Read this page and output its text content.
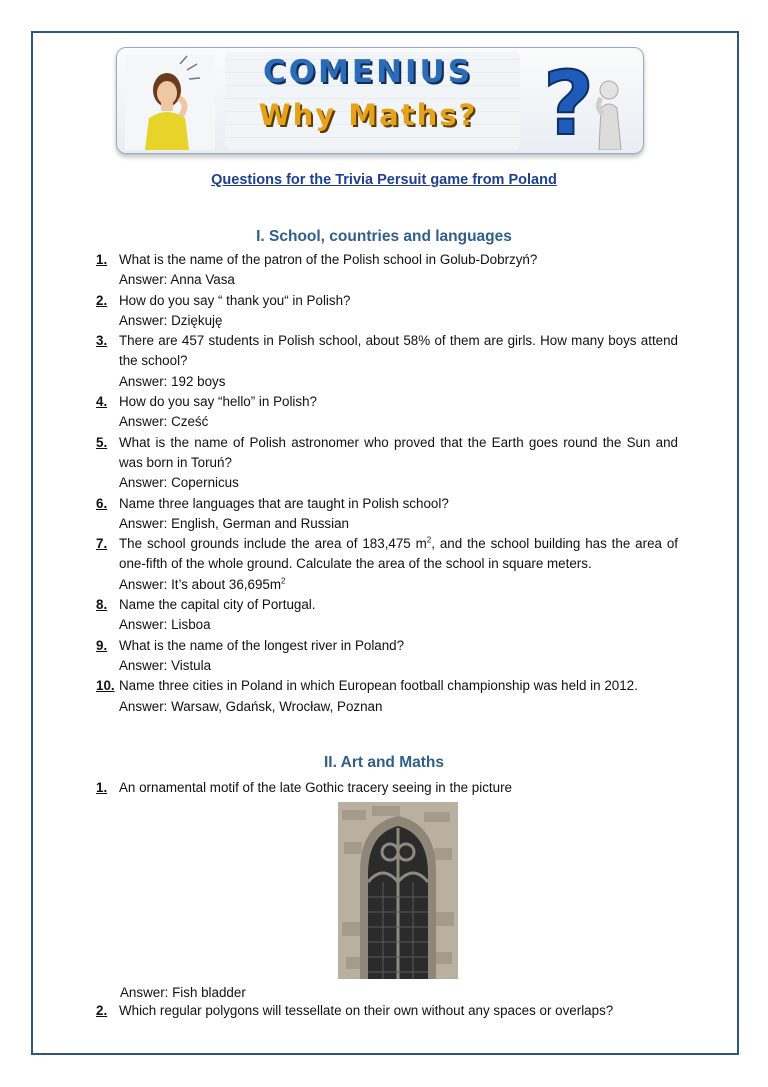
COMENIUS
Why Maths? ?
Questions for the Trivia Persuit game from Poland
I. School, countries and languages
1. What is the name of the patron of the Polish school in Golub-Dobrzyń?
Answer: Anna Vasa
2. How do you say “ thank you“ in Polish?
Answer: Dziękuję
3. There are 457 students in Polish school, about 58% of them are girls. How many boys attend the school?
Answer: 192 boys
4. How do you say “hello” in Polish?
Answer: Cześć
5. What is the name of Polish astronomer who proved that the Earth goes round the Sun and was born in Toruń?
Answer: Copernicus
6. Name three languages that are taught in Polish school?
Answer: English, German and Russian
7. The school grounds include the area of 183,475 $m^2$, and the school building has the area of one-fifth of the whole ground. Calculate the area of the school in square meters.
Answer: It’s about $36,695m^2$
8. Name the capital city of Portugal.
Answer: Lisboa
9. What is the name of the longest river in Poland?
Answer: Vistula
10. Name three cities in Poland in which European football championship was held in 2012.
Answer: Warsaw, Gdańsk, Wrocław, Poznan
II. Art and Maths
1. An ornamental motif of the late Gothic tracery seeing in the picture
Answer: Fish bladder
2. Which regular polygons will tessellate on their own without any spaces or overlaps?
